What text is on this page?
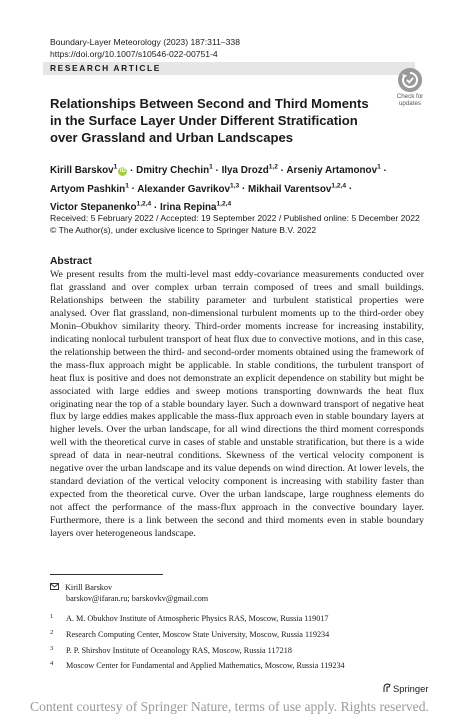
Boundary-Layer Meteorology (2023) 187:311–338
https://doi.org/10.1007/s10546-022-00751-4
RESEARCH ARTICLE
Check for
updates
Relationships Between Second and Third Moments in the Surface Layer Under Different Stratification over Grassland and Urban Landscapes
Kirill Barskov$^1$iD · Dmitry Chechin$^1$ · Ilya Drozd$^{1,2}$ · Arseniy Artamonov$^1$ ·
Artyom Pashkin$^1$ · Alexander Gavrikov$^{1,3}$ · Mikhail Varentsov$^{1,2,4}$ ·
Victor Stepanenko$^{1,2,4}$ · Irina Repina$^{1,2,4}$
Received: 5 February 2022 / Accepted: 19 September 2022 / Published online: 5 December 2022
© The Author(s), under exclusive licence to Springer Nature B.V. 2022
Abstract

We present results from the multi-level mast eddy-covariance measurements conducted over flat grassland and over complex urban terrain composed of trees and small buildings. Relationships between the stability parameter and turbulent statistical properties were analysed. Over flat grassland, non-dimensional turbulent moments up to the third-order obey Monin–Obukhov similarity theory. Third-order moments increase for increasing instability, indicating nonlocal turbulent transport of heat flux due to convective motions, and in this case, the relationship between the third- and second-order moments obtained using the framework of the mass-flux approach might be applicable. In stable conditions, the turbulent transport of heat flux is positive and does not demonstrate an explicit dependence on stability but might be associated with large eddies and sweep motions transporting downwards the heat flux originating near the top of a stable boundary layer. Such a downward transport of negative heat flux by large eddies makes applicable the mass-flux approach even in stable boundary layers at higher levels. Over the urban landscape, for all wind directions the third moment corresponds well with the theoretical curve in cases of stable and unstable stratification, but there is a wide spread of data in near-neutral conditions. Skewness of the vertical velocity component is negative over the urban landscape and its value depends on wind direction. At lower levels, the standard deviation of the vertical velocity component is increasing with stability faster than expected from the theoretical curve. Over the urban landscape, large roughness elements do not affect the performance of the mass-flux approach in the convective boundary layer. Furthermore, there is a link between the second and third moments even in stable boundary layers over heterogeneous landscape.

Kirill Barskov
barskov@ifaran.ru; barskovkv@gmail.com
1 A. M. Obukhov Institute of Atmospheric Physics RAS, Moscow, Russia 119017
2 Research Computing Center, Moscow State University, Moscow, Russia 119234
3 P. P. Shirshov Institute of Oceanology RAS, Moscow, Russia 117218
4 Moscow Center for Fundamental and Applied Mathematics, Moscow, Russia 119234
Springer
Content courtesy of Springer Nature, terms of use apply. Rights reserved.
